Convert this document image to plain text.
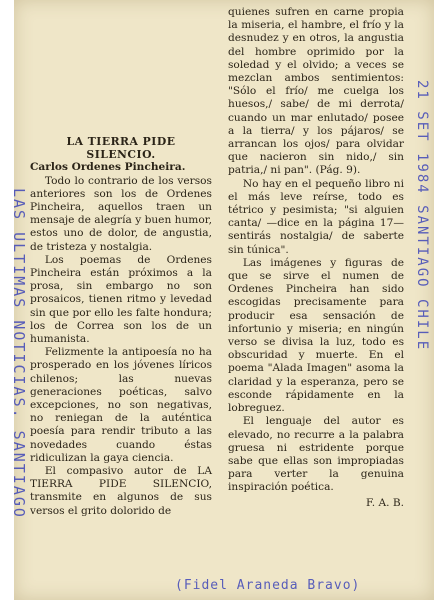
LA TIERRA PIDE SILENCIO.

Carlos Ordenes Pincheira.

Todo lo contrario de los versos anteriores son los de Ordenes Pincheira, aquellos traen un mensaje de alegría y buen humor, estos uno de dolor, de angustia, de tristeza y nostalgia.

Los poemas de Ordenes Pincheira están próximos a la prosa, sin embargo no son prosaicos, tienen ritmo y levedad sin que por ello les falte hondura; los de Correa son los de un humanista.

Felizmente la antipoesía no ha prosperado en los jóvenes líricos chilenos; las nuevas generaciones poéticas, salvo excepciones, no son negativas, no reniegan de la auténtica poesía para rendir tributo a las novedades cuando éstas ridiculizan la gaya ciencia.

El compasivo autor de LA TIERRA PIDE SILENCIO, transmite en algunos de sus versos el grito dolorido de

quienes sufren en carne propia la miseria, el hambre, el frío y la desnudez y en otros, la angustia del hombre oprimido por la soledad y el olvido; a veces se mezclan ambos sentimientos: "Sólo el frío/ me cuelga los huesos,/ sabe/ de mi derrota/ cuando un mar enlutado/ posee a la tierra/ y los pájaros/ se arrancan los ojos/ para olvidar que nacieron sin nido,/ sin patria,/ ni pan". (Pág. 9).

No hay en el pequeño libro ni el más leve reírse, todo es tétrico y pesimista; "si alguien canta/ —dice en la página 17— sentirás nostalgia/ de saberte sin túnica".

Las imágenes y figuras de que se sirve el numen de Ordenes Pincheira han sido escogidas precisamente para producir esa sensación de infortunio y miseria; en ningún verso se divisa la luz, todo es obscuridad y muerte. En el poema "Alada Imagen" asoma la claridad y la esperanza, pero se esconde rápidamente en la lobreguez.

El lenguaje del autor es elevado, no recurre a la palabra gruesa ni estridente porque sabe que ellas son impropiadas para verter la genuina inspiración poética.

F. A. B.

LAS ULTIMAS NOTICIAS. SANTIAGO	21 SET 1984 SANTIAGO CHILE
(Fidel Araneda Bravo)
